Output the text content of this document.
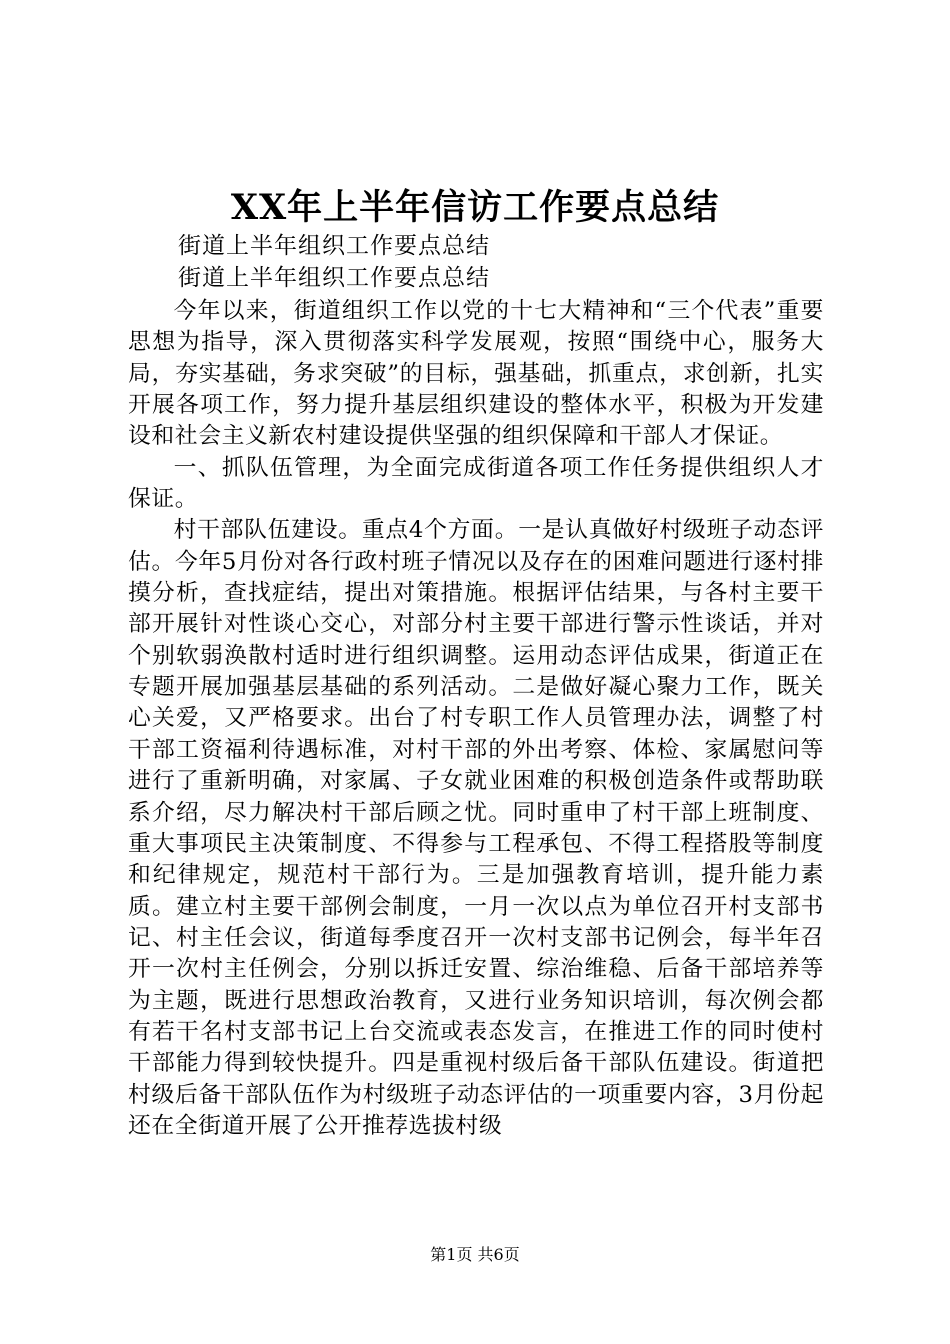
XX年上半年信访工作要点总结

街道上半年组织工作要点总结

街道上半年组织工作要点总结

今年以来，街道组织工作以党的十七大精神和“三个代表”重要思想为指导，深入贯彻落实科学发展观，按照“围绕中心，服务大局，夯实基础，务求突破”的目标，强基础，抓重点，求创新，扎实开展各项工作，努力提升基层组织建设的整体水平，积极为开发建设和社会主义新农村建设提供坚强的组织保障和干部人才保证。

一、抓队伍管理，为全面完成街道各项工作任务提供组织人才保证。

村干部队伍建设。重点4个方面。一是认真做好村级班子动态评估。今年5月份对各行政村班子情况以及存在的困难问题进行逐村排摸分析，查找症结，提出对策措施。根据评估结果，与各村主要干部开展针对性谈心交心，对部分村主要干部进行警示性谈话，并对个别软弱涣散村适时进行组织调整。运用动态评估成果，街道正在专题开展加强基层基础的系列活动。二是做好凝心聚力工作，既关心关爱，又严格要求。出台了村专职工作人员管理办法，调整了村干部工资福利待遇标准，对村干部的外出考察、体检、家属慰问等进行了重新明确，对家属、子女就业困难的积极创造条件或帮助联系介绍，尽力解决村干部后顾之忧。同时重申了村干部上班制度、重大事项民主决策制度、不得参与工程承包、不得工程搭股等制度和纪律规定，规范村干部行为。三是加强教育培训，提升能力素质。建立村主要干部例会制度，一月一次以点为单位召开村支部书记、村主任会议，街道每季度召开一次村支部书记例会，每半年召开一次村主任例会，分别以拆迁安置、综治维稳、后备干部培养等为主题，既进行思想政治教育，又进行业务知识培训，每次例会都有若干名村支部书记上台交流或表态发言，在推进工作的同时使村干部能力得到较快提升。四是重视村级后备干部队伍建设。街道把村级后备干部队伍作为村级班子动态评估的一项重要内容，3月份起还在全街道开展了公开推荐选拔村级

第1页 共6页
